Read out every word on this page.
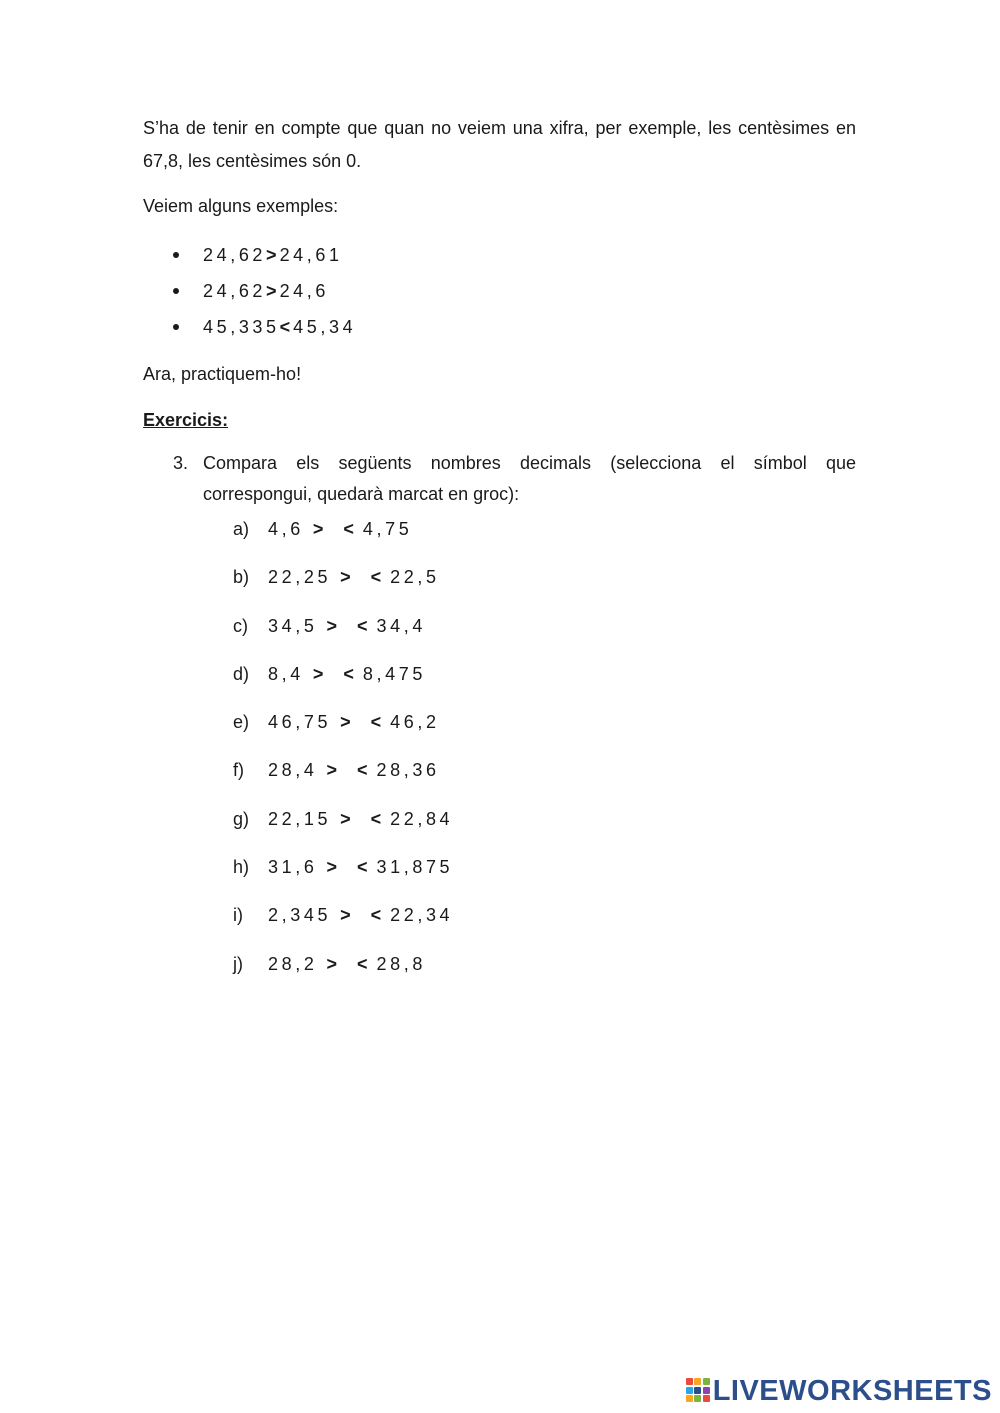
S’ha de tenir en compte que quan no veiem una xifra, per exemple, les centèsimes en 67,8, les centèsimes són 0.
Veiem alguns exemples:
24,62>24,61
24,62>24,6
45,335<45,34
Ara, practiquem-ho!
Exercicis:
3. Compara els següents nombres decimals (selecciona el símbol que correspongui, quedarà marcat en groc):
a) 4,6 > < 4,75
b) 22,25 > < 22,5
c) 34,5 > < 34,4
d) 8,4 > < 8,475
e) 46,75 > < 46,2
f) 28,4 > < 28,36
g) 22,15 > < 22,84
h) 31,6 > < 31,875
i) 2,345 > < 22,34
j) 28,2 > < 28,8
LIVEWORKSHEETS
